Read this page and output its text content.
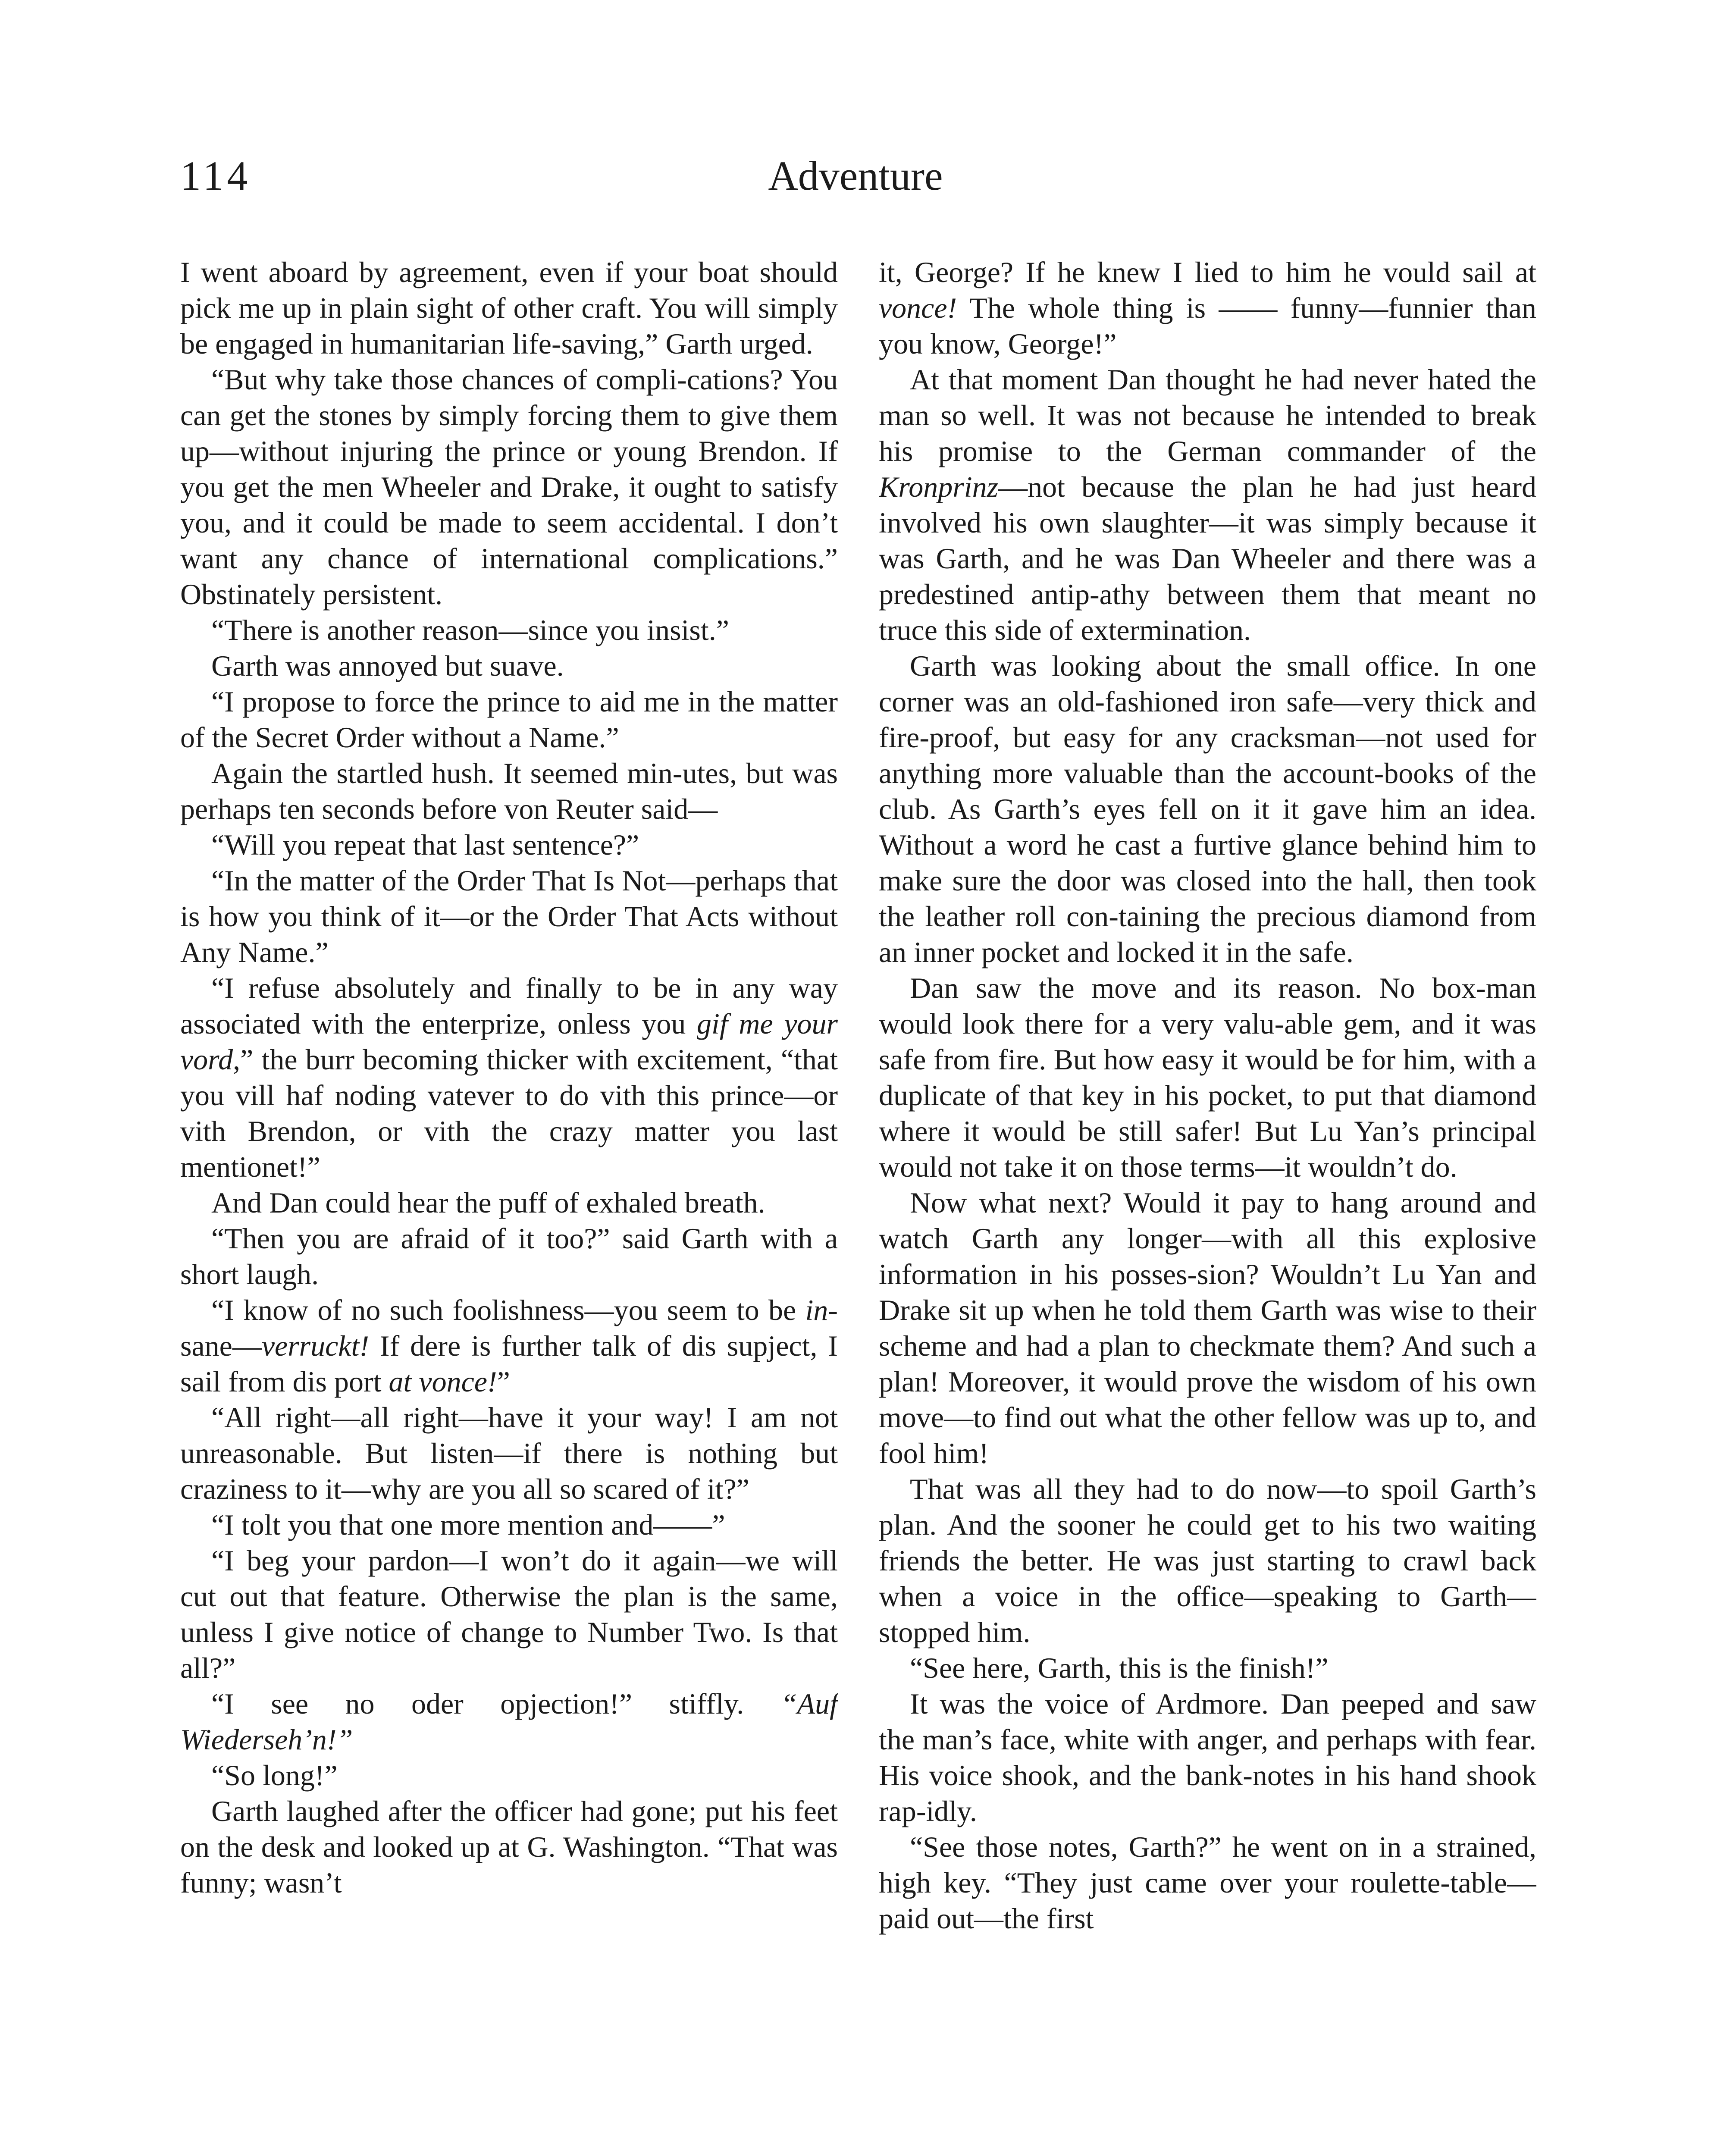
114	Adventure

I went aboard by agreement, even if your boat should pick me up in plain sight of other craft. You will simply be engaged in humanitarian life-saving,” Garth urged.

“But why take those chances of compli-cations? You can get the stones by simply forcing them to give them up—without injuring the prince or young Brendon. If you get the men Wheeler and Drake, it ought to satisfy you, and it could be made to seem accidental. I don’t want any chance of international complications.” Obstinately persistent.

“There is another reason—since you insist.”

Garth was annoyed but suave.

“I propose to force the prince to aid me in the matter of the Secret Order without a Name.”

Again the startled hush. It seemed min-utes, but was perhaps ten seconds before von Reuter said—

“Will you repeat that last sentence?”

“In the matter of the Order That Is Not—perhaps that is how you think of it—or the Order That Acts without Any Name.”

“I refuse absolutely and finally to be in any way associated with the enterprize, onless you gif me your vord,” the burr becoming thicker with excitement, “that you vill haf noding vatever to do vith this prince—or vith Brendon, or vith the crazy matter you last mentionet!”

And Dan could hear the puff of exhaled breath.

“Then you are afraid of it too?” said Garth with a short laugh.

“I know of no such foolishness—you seem to be in-sane—verruckt! If dere is further talk of dis supject, I sail from dis port at vonce!”

“All right—all right—have it your way! I am not unreasonable. But listen—if there is nothing but craziness to it—why are you all so scared of it?”

“I tolt you that one more mention and——”

“I beg your pardon—I won’t do it again—we will cut out that feature. Otherwise the plan is the same, unless I give notice of change to Number Two. Is that all?”

“I see no oder opjection!” stiffly. “Auf Wiederseh’n!”

“So long!”

Garth laughed after the officer had gone; put his feet on the desk and looked up at G. Washington. “That was funny; wasn’t

it, George? If he knew I lied to him he vould sail at vonce! The whole thing is —— funny—funnier than you know, George!”

At that moment Dan thought he had never hated the man so well. It was not because he intended to break his promise to the German commander of the Kronprinz—not because the plan he had just heard involved his own slaughter—it was simply because it was Garth, and he was Dan Wheeler and there was a predestined antip-athy between them that meant no truce this side of extermination.

Garth was looking about the small office. In one corner was an old-fashioned iron safe—very thick and fire-proof, but easy for any cracksman—not used for anything more valuable than the account-books of the club. As Garth’s eyes fell on it it gave him an idea. Without a word he cast a furtive glance behind him to make sure the door was closed into the hall, then took the leather roll con-taining the precious diamond from an inner pocket and locked it in the safe.

Dan saw the move and its reason. No box-man would look there for a very valu-able gem, and it was safe from fire. But how easy it would be for him, with a duplicate of that key in his pocket, to put that diamond where it would be still safer! But Lu Yan’s principal would not take it on those terms—it wouldn’t do.

Now what next? Would it pay to hang around and watch Garth any longer—with all this explosive information in his posses-sion? Wouldn’t Lu Yan and Drake sit up when he told them Garth was wise to their scheme and had a plan to checkmate them? And such a plan! Moreover, it would prove the wisdom of his own move—to find out what the other fellow was up to, and fool him!

That was all they had to do now—to spoil Garth’s plan. And the sooner he could get to his two waiting friends the better. He was just starting to crawl back when a voice in the office—speaking to Garth—stopped him.

“See here, Garth, this is the finish!”

It was the voice of Ardmore. Dan peeped and saw the man’s face, white with anger, and perhaps with fear. His voice shook, and the bank-notes in his hand shook rap-idly.

“See those notes, Garth?” he went on in a strained, high key. “They just came over your roulette-table—paid out—the first
